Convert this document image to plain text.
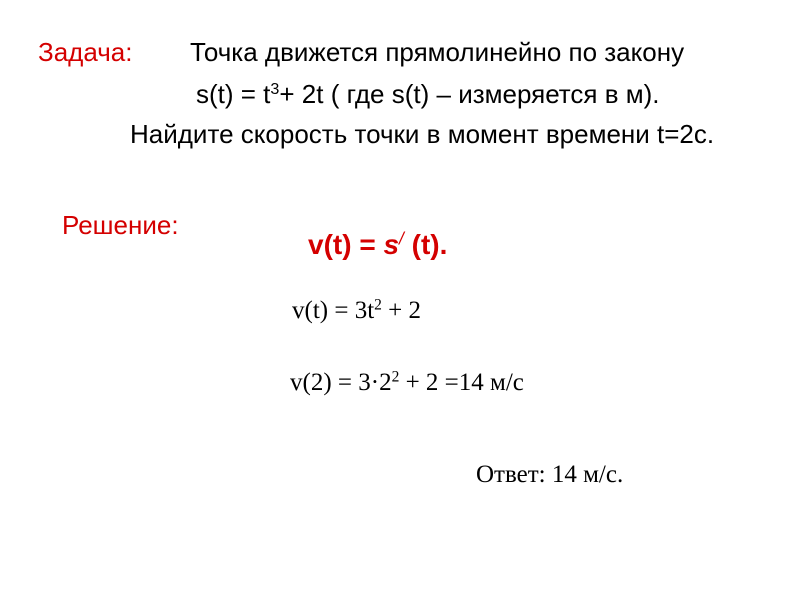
Задача: Точка движется прямолинейно по закону
$s(t) = t^3+ 2t$ ( где s(t) – измеряется в м).
Найдите скорость точки в момент времени t=2с.
Решение:
v(t) = s/ (t).
$v(t) = 3t^2 + 2$
$v(2) = 3\cdot 2^2 + 2 =14$ м/с
Ответ: 14 м/с.
